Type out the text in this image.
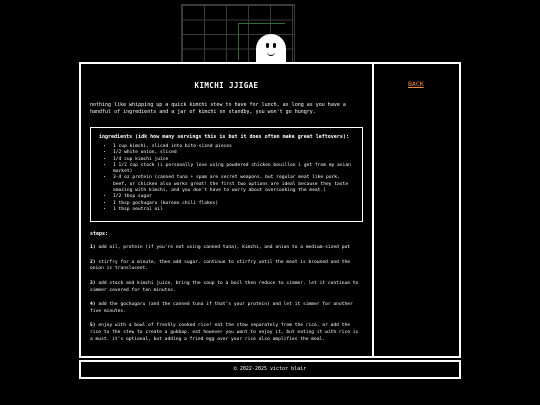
KIMCHI JJIGAE

nothing like whipping up a quick kimchi stew to have for lunch, as long as you have a handful of ingredients and a jar of kimchi on standby, you won't go hungry.

ingredients (idk how many servings this is but it does often make great leftovers):
• 1 cup kimchi, sliced into bite-sized pieces
• 1/2 white onion, sliced
• 1/4 cup kimchi juice
• 1 1/2 cup stock (i personally love using powdered chicken bouillon i get from my asian market)
• 3-4 oz protein (canned tuna + spam are secret weapons, but regular meat like pork, beef, or chicken also works great! the first two options are ideal because they taste amazing with kimchi, and you don't have to worry about overcooking the meat.)
• 1/2 tbsp sugar
• 1 tbsp gochugaru (korean chili flakes)
• 1 tbsp neutral oil
steps:

1) add oil, protein (if you're not using canned tuna), kimchi, and onion to a medium-sized pot

2) stirfry for a minute, then add sugar. continue to stirfry until the meat is browned and the onion is translucent.

3) add stock and kimchi juice. bring the soup to a boil then reduce to simmer. let it continue to simmer covered for ten minutes.

4) add the gochugaru (and the canned tuna if that's your protein) and let it simmer for another five minutes.

5) enjoy with a bowl of freshly cooked rice! eat the stew separately from the rice, or add the rice to the stew to create a gukbap. eat however you want to enjoy it, but eating it with rice is a must. it's optional, but adding a fried egg over your rice also amplifies the meal.

BACK
© 2022-2025 victor blair
